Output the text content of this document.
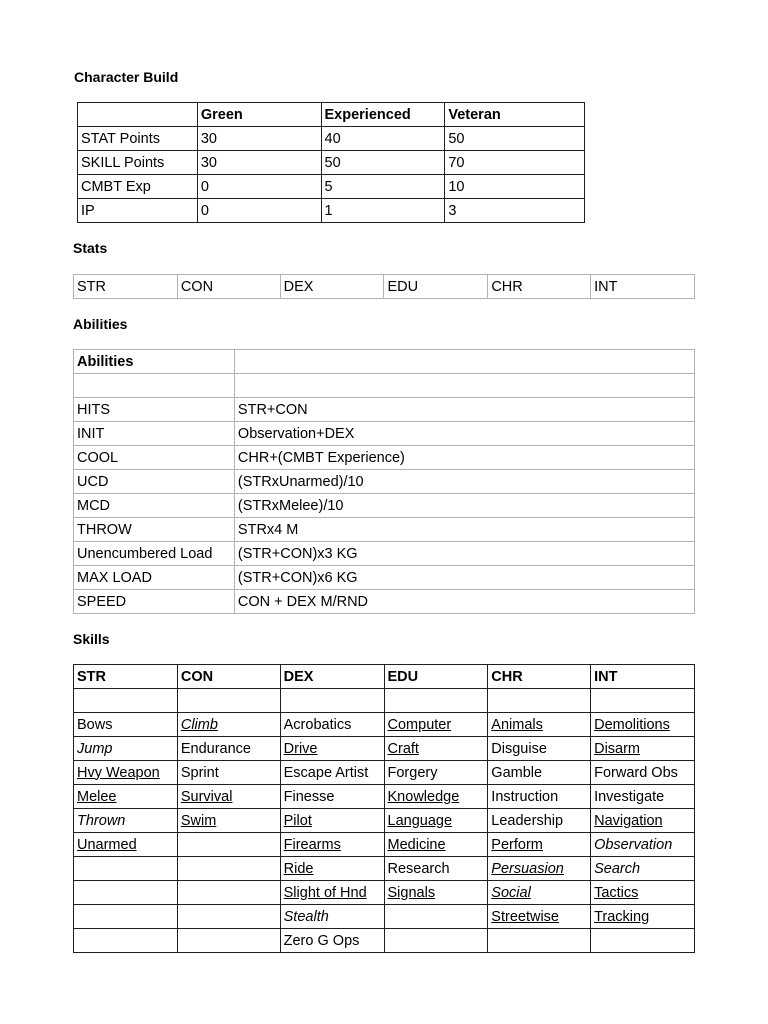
Character Build
	Green	Experienced	Veteran
STAT Points	30	40	50
SKILL Points	30	50	70
CMBT Exp	0	5	10
IP	0	1	3
Stats
STR	CON	DEX	EDU	CHR	INT
Abilities
Abilities	

HITS	STR+CON
INIT	Observation+DEX
COOL	CHR+(CMBT Experience)
UCD	(STRxUnarmed)/10
MCD	(STRxMelee)/10
THROW	STRx4 M
Unencumbered Load	(STR+CON)x3 KG
MAX LOAD	(STR+CON)x6 KG
SPEED	CON + DEX M/RND
Skills
STR	CON	DEX	EDU	CHR	INT

Bows	Climb	Acrobatics	Computer	Animals	Demolitions
Jump	Endurance	Drive	Craft	Disguise	Disarm
Hvy Weapon	Sprint	Escape Artist	Forgery	Gamble	Forward Obs
Melee	Survival	Finesse	Knowledge	Instruction	Investigate
Thrown	Swim	Pilot	Language	Leadership	Navigation
Unarmed		Firearms	Medicine	Perform	Observation
		Ride	Research	Persuasion	Search
		Slight of Hnd	Signals	Social	Tactics
		Stealth		Streetwise	Tracking
		Zero G Ops			
